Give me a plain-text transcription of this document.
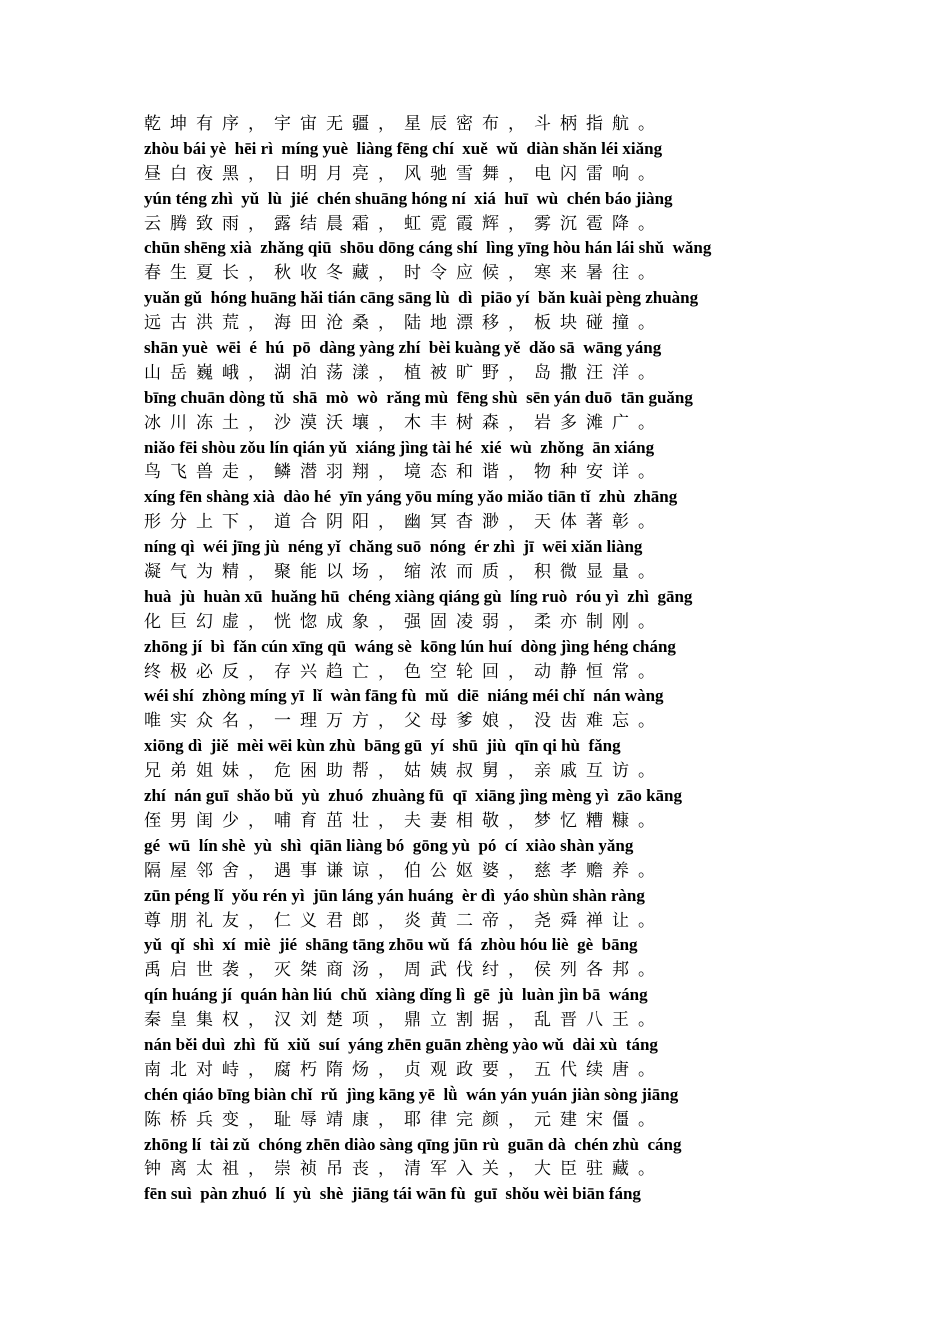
乾坤有序，宇宙无疆，星辰密布，斗柄指航。
zhòu bái yè  hēi rì  míng yuè  liàng fēng chí  xuě  wǔ  diàn shǎn léi xiǎng
昼白夜黑，日明月亮，风驰雪舞，电闪雷响。
yún téng zhì  yǔ  lù  jié  chén shuāng hóng ní  xiá  huī  wù  chén báo jiàng
云腾致雨，露结晨霜，虹霓霞辉，雾沉雹降。
chūn shēng xià  zhǎng qiū  shōu dōng cáng shí  lìng yīng hòu hán lái shǔ  wǎng
春生夏长，秋收冬藏，时令应候，寒来暑往。
yuǎn gǔ  hóng huāng hǎi tián cāng sāng lù  dì  piāo yí  bǎn kuài pèng zhuàng
远古洪荒，海田沧桑，陆地漂移，板块碰撞。
shān yuè  wēi  é  hú  pō  dàng yàng zhí  bèi kuàng yě  dǎo sā  wāng yáng
山岳巍峨，湖泊荡漾，植被旷野，岛撒汪洋。
bīng chuān dòng tǔ  shā  mò  wò  rǎng mù  fēng shù  sēn yán duō  tān guǎng
冰川冻土，沙漠沃壤，木丰树森，岩多滩广。
niǎo fēi shòu zǒu lín qián yǔ  xiáng jìng tài hé  xié  wù  zhǒng  ān xiáng
鸟飞兽走，鳞潜羽翔，境态和谐，物种安详。
xíng fēn shàng xià  dào hé  yīn yáng yōu míng yǎo miǎo tiān tǐ  zhù  zhāng
形分上下，道合阴阳，幽冥杳渺，天体著彰。
níng qì  wéi jīng jù  néng yǐ  chǎng suō  nóng  ér zhì  jī  wēi xiǎn liàng
凝气为精，聚能以场，缩浓而质，积微显量。
huà  jù  huàn xū  huǎng hū  chéng xiàng qiáng gù  líng ruò  róu yì  zhì  gāng
化巨幻虚，恍惚成象，强固凌弱，柔亦制刚。
zhōng jí  bì  fǎn cún xīng qū  wáng sè  kōng lún huí  dòng jìng héng cháng
终极必反，存兴趋亡，色空轮回，动静恒常。
wéi shí  zhòng míng yī  lǐ  wàn fāng fù  mǔ  diē  niáng méi chǐ  nán wàng
唯实众名，一理万方，父母爹娘，没齿难忘。
xiōng dì  jiě  mèi wēi kùn zhù  bāng gū  yí  shū  jiù  qīn qi hù  fǎng
兄弟姐妹，危困助帮，姑姨叔舅，亲戚互访。
zhí  nán guī  shǎo bǔ  yù  zhuó  zhuàng fū  qī  xiāng jìng mèng yì  zāo kāng
侄男闺少，哺育茁壮，夫妻相敬，梦忆糟糠。
gé  wū  lín shè  yù  shì  qiān liàng bó  gōng yù  pó  cí  xiào shàn yǎng
隔屋邻舍，遇事谦谅，伯公妪婆，慈孝赡养。
zūn péng lǐ  yǒu rén yì  jūn láng yán huáng  èr dì  yáo shùn shàn ràng
尊朋礼友，仁义君郎，炎黄二帝，尧舜禅让。
yǔ  qǐ  shì  xí  miè  jié  shāng tāng zhōu wǔ  fá  zhòu hóu liè  gè  bāng
禹启世袭，灭桀商汤，周武伐纣，侯列各邦。
qín huáng jí  quán hàn liú  chǔ  xiàng dǐng lì  gē  jù  luàn jìn bā  wáng
秦皇集权，汉刘楚项，鼎立割据，乱晋八王。
nán běi duì  zhì  fǔ  xiǔ  suí  yáng zhēn guān zhèng yào wǔ  dài xù  táng
南北对峙，腐朽隋炀，贞观政要，五代续唐。
chén qiáo bīng biàn chǐ  rǔ  jìng kāng yē  lǜ  wán yán yuán jiàn sòng jiāng
陈桥兵变，耻辱靖康，耶律完颜，元建宋僵。
zhōng lí  tài zǔ  chóng zhēn diào sàng qīng jūn rù  guān dà  chén zhù  cáng
钟离太祖，崇祯吊丧，清军入关，大臣驻藏。
fēn suì  pàn zhuó  lí  yù  shè  jiāng tái wān fù  guī  shǒu wèi biān fáng
